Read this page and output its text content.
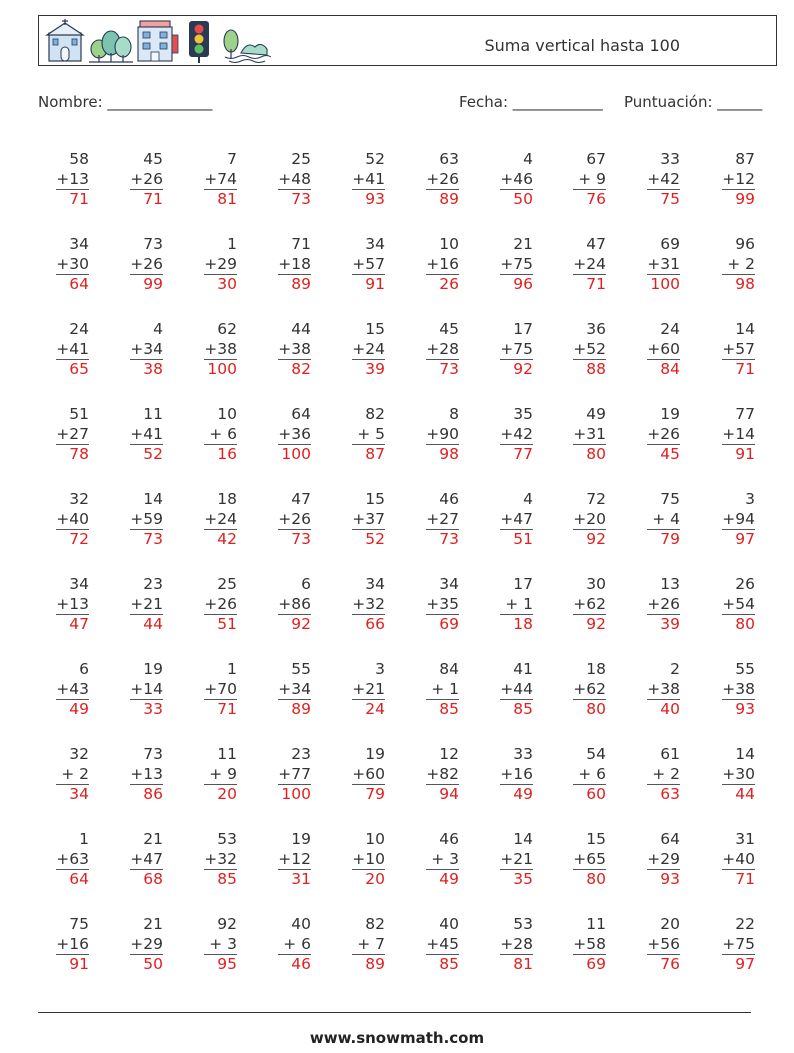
Suma vertical hasta 100
Nombre: ______________	Fecha: ____________ Puntuación: ______
58
+13
71
45
+26
71
7
+74
81
25
+48
73
52
+41
93
63
+26
89
4
+46
50
67
+ 9
76
33
+42
75
87
+12
99
34
+30
64
73
+26
99
1
+29
30
71
+18
89
34
+57
91
10
+16
26
21
+75
96
47
+24
71
69
+31
100
96
+ 2
98
24
+41
65
4
+34
38
62
+38
100
44
+38
82
15
+24
39
45
+28
73
17
+75
92
36
+52
88
24
+60
84
14
+57
71
51
+27
78
11
+41
52
10
+ 6
16
64
+36
100
82
+ 5
87
8
+90
98
35
+42
77
49
+31
80
19
+26
45
77
+14
91
32
+40
72
14
+59
73
18
+24
42
47
+26
73
15
+37
52
46
+27
73
4
+47
51
72
+20
92
75
+ 4
79
3
+94
97
34
+13
47
23
+21
44
25
+26
51
6
+86
92
34
+32
66
34
+35
69
17
+ 1
18
30
+62
92
13
+26
39
26
+54
80
6
+43
49
19
+14
33
1
+70
71
55
+34
89
3
+21
24
84
+ 1
85
41
+44
85
18
+62
80
2
+38
40
55
+38
93
32
+ 2
34
73
+13
86
11
+ 9
20
23
+77
100
19
+60
79
12
+82
94
33
+16
49
54
+ 6
60
61
+ 2
63
14
+30
44
1
+63
64
21
+47
68
53
+32
85
19
+12
31
10
+10
20
46
+ 3
49
14
+21
35
15
+65
80
64
+29
93
31
+40
71
75
+16
91
21
+29
50
92
+ 3
95
40
+ 6
46
82
+ 7
89
40
+45
85
53
+28
81
11
+58
69
20
+56
76
22
+75
97
www.snowmath.com
